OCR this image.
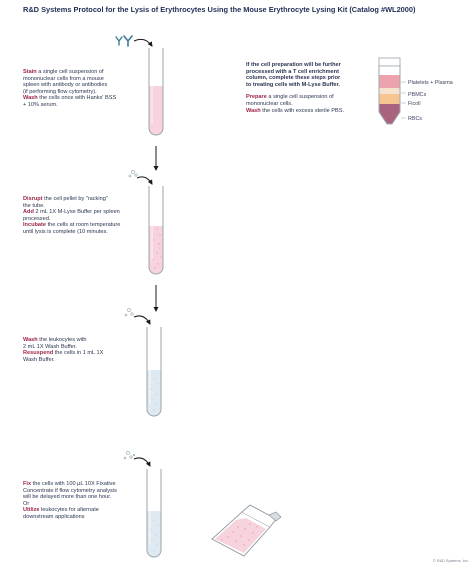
R&D Systems Protocol for the Lysis of Erythrocytes Using the Mouse Erythrocyte Lysing Kit (Catalog #WL2000)

Stain a single cell suspension of

mononuclear cells from a mouse

spleen with antibody or antibodies

(if performing flow cytometry).

Wash the cells once with Hanks' BSS

+ 10% serum.

Disrupt the cell pellet by "racking"

the tube.

Add 2 mL 1X M-Lyse Buffer per spleen

processed.

Incubate the cells at room temperature

until lysis is complete (10 minutes.

Wash the leukocytes with

2 mL 1X Wash Buffer.

Resuspend the cells in 1 mL 1X

Wash Buffer.

Fix the cells with 100 µL 10X Fixative

Concentrate if flow cytometry analysis

will be delayed more than one hour.

Or

Utilize leukocytes for alternate

downstream applications

If the cell preparation will be further

processed with a T cell enrichment

column, complete these steps prior

to treating cells with M-Lyse Buffer.

Prepare a single cell suspension of

mononuclear cells.

Wash the cells with excess sterile PBS.

Platelets + Plasma
PBMCs
Ficoll
RBCs
© R&D Systems, Inc.
